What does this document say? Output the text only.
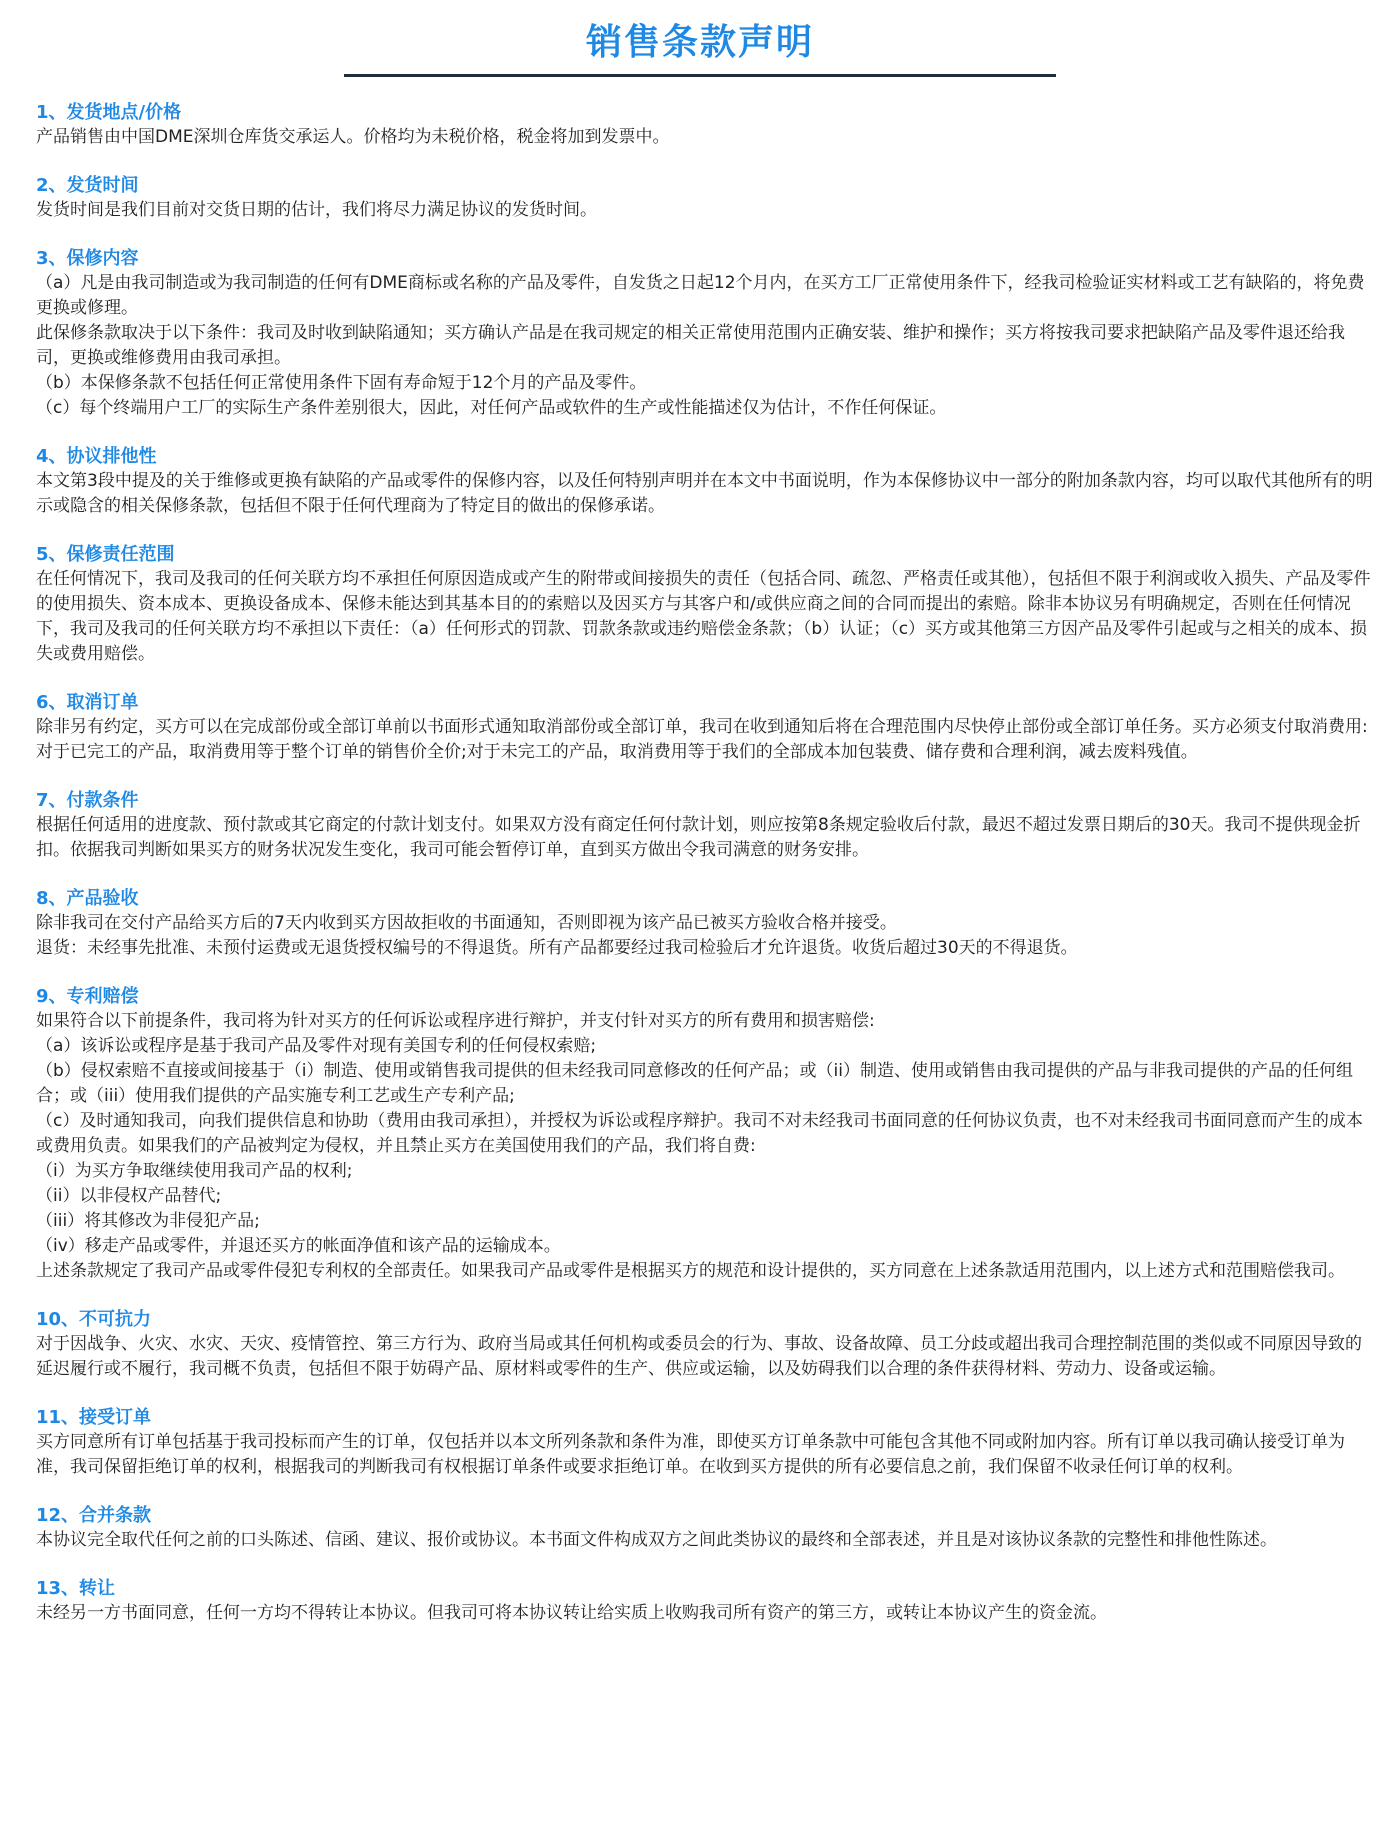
销售条款声明
1、发货地点/价格

产品销售由中国DME深圳仓库货交承运人。价格均为未税价格，税金将加到发票中。

2、发货时间

发货时间是我们目前对交货日期的估计，我们将尽力满足协议的发货时间。

3、保修内容

（a）凡是由我司制造或为我司制造的任何有DME商标或名称的产品及零件，自发货之日起12个月内，在买方工厂正常使用条件下，经我司检验证实材料或工艺有缺陷的，将免费更换或修理。

此保修条款取决于以下条件：我司及时收到缺陷通知；买方确认产品是在我司规定的相关正常使用范围内正确安装、维护和操作；买方将按我司要求把缺陷产品及零件退还给我司，更换或维修费用由我司承担。

（b）本保修条款不包括任何正常使用条件下固有寿命短于12个月的产品及零件。

（c）每个终端用户工厂的实际生产条件差别很大，因此，对任何产品或软件的生产或性能描述仅为估计，不作任何保证。

4、协议排他性

本文第3段中提及的关于维修或更换有缺陷的产品或零件的保修内容，以及任何特别声明并在本文中书面说明，作为本保修协议中一部分的附加条款内容，均可以取代其他所有的明示或隐含的相关保修条款，包括但不限于任何代理商为了特定目的做出的保修承诺。

5、保修责任范围

在任何情况下，我司及我司的任何关联方均不承担任何原因造成或产生的附带或间接损失的责任（包括合同、疏忽、严格责任或其他），包括但不限于利润或收入损失、产品及零件的使用损失、资本成本、更换设备成本、保修未能达到其基本目的的索赔以及因买方与其客户和/或供应商之间的合同而提出的索赔。除非本协议另有明确规定，否则在任何情况下，我司及我司的任何关联方均不承担以下责任：（a）任何形式的罚款、罚款条款或违约赔偿金条款；（b）认证；（c）买方或其他第三方因产品及零件引起或与之相关的成本、损失或费用赔偿。

6、取消订单

除非另有约定，买方可以在完成部份或全部订单前以书面形式通知取消部份或全部订单，我司在收到通知后将在合理范围内尽快停止部份或全部订单任务。买方必须支付取消费用:对于已完工的产品，取消费用等于整个订单的销售价全价;对于未完工的产品，取消费用等于我们的全部成本加包装费、储存费和合理利润，减去废料残值。

7、付款条件

根据任何适用的进度款、预付款或其它商定的付款计划支付。如果双方没有商定任何付款计划，则应按第8条规定验收后付款，最迟不超过发票日期后的30天。我司不提供现金折扣。依据我司判断如果买方的财务状况发生变化，我司可能会暂停订单，直到买方做出令我司满意的财务安排。

8、产品验收

除非我司在交付产品给买方后的7天内收到买方因故拒收的书面通知，否则即视为该产品已被买方验收合格并接受。

退货：未经事先批准、未预付运费或无退货授权编号的不得退货。所有产品都要经过我司检验后才允许退货。收货后超过30天的不得退货。

9、专利赔偿

如果符合以下前提条件，我司将为针对买方的任何诉讼或程序进行辩护，并支付针对买方的所有费用和损害赔偿:

（a）该诉讼或程序是基于我司产品及零件对现有美国专利的任何侵权索赔;

（b）侵权索赔不直接或间接基于（i）制造、使用或销售我司提供的但未经我司同意修改的任何产品；或（ii）制造、使用或销售由我司提供的产品与非我司提供的产品的任何组合；或（iii）使用我们提供的产品实施专利工艺或生产专利产品;

（c）及时通知我司，向我们提供信息和协助（费用由我司承担），并授权为诉讼或程序辩护。我司不对未经我司书面同意的任何协议负责，也不对未经我司书面同意而产生的成本或费用负责。如果我们的产品被判定为侵权，并且禁止买方在美国使用我们的产品，我们将自费:

（i）为买方争取继续使用我司产品的权利;

（ii）以非侵权产品替代;

（iii）将其修改为非侵犯产品;

（iv）移走产品或零件，并退还买方的帐面净值和该产品的运输成本。

上述条款规定了我司产品或零件侵犯专利权的全部责任。如果我司产品或零件是根据买方的规范和设计提供的，买方同意在上述条款适用范围内，以上述方式和范围赔偿我司。

10、不可抗力

对于因战争、火灾、水灾、天灾、疫情管控、第三方行为、政府当局或其任何机构或委员会的行为、事故、设备故障、员工分歧或超出我司合理控制范围的类似或不同原因导致的延迟履行或不履行，我司概不负责，包括但不限于妨碍产品、原材料或零件的生产、供应或运输，以及妨碍我们以合理的条件获得材料、劳动力、设备或运输。

11、接受订单

买方同意所有订单包括基于我司投标而产生的订单，仅包括并以本文所列条款和条件为准，即使买方订单条款中可能包含其他不同或附加内容。所有订单以我司确认接受订单为准，我司保留拒绝订单的权利，根据我司的判断我司有权根据订单条件或要求拒绝订单。在收到买方提供的所有必要信息之前，我们保留不收录任何订单的权利。

12、合并条款

本协议完全取代任何之前的口头陈述、信函、建议、报价或协议。本书面文件构成双方之间此类协议的最终和全部表述，并且是对该协议条款的完整性和排他性陈述。

13、转让

未经另一方书面同意，任何一方均不得转让本协议。但我司可将本协议转让给实质上收购我司所有资产的第三方，或转让本协议产生的资金流。
